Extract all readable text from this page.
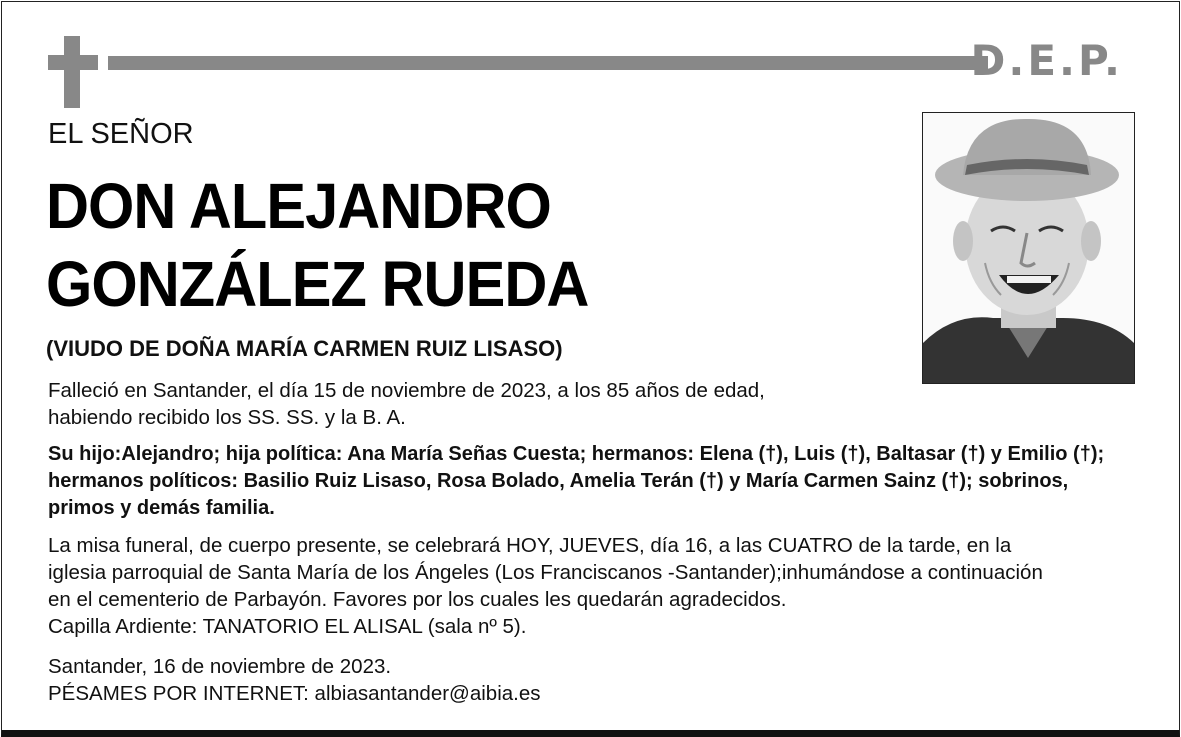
D.E.P.
EL SEÑOR
DON ALEJANDRO
GONZÁLEZ RUEDA
(VIUDO DE DOÑA MARÍA CARMEN RUIZ LISASO)
Falleció en Santander, el día 15 de noviembre de 2023, a los 85 años de edad,
habiendo recibido los SS. SS. y la B. A.
Su hijo:Alejandro; hija política: Ana María Señas Cuesta; hermanos: Elena (†), Luis (†), Baltasar (†) y Emilio (†);
hermanos políticos: Basilio Ruiz Lisaso, Rosa Bolado, Amelia Terán (†) y María Carmen Sainz (†); sobrinos,
primos y demás familia.
La misa funeral, de cuerpo presente, se celebrará HOY, JUEVES, día 16, a las CUATRO de la tarde, en la
iglesia parroquial de Santa María de los Ángeles (Los Franciscanos -Santander);inhumándose a continuación
en el cementerio de Parbayón. Favores por los cuales les quedarán agradecidos.
Capilla Ardiente: TANATORIO EL ALISAL (sala nº 5).
Santander, 16 de noviembre de 2023.
PÉSAMES POR INTERNET: albiasantander@aibia.es
